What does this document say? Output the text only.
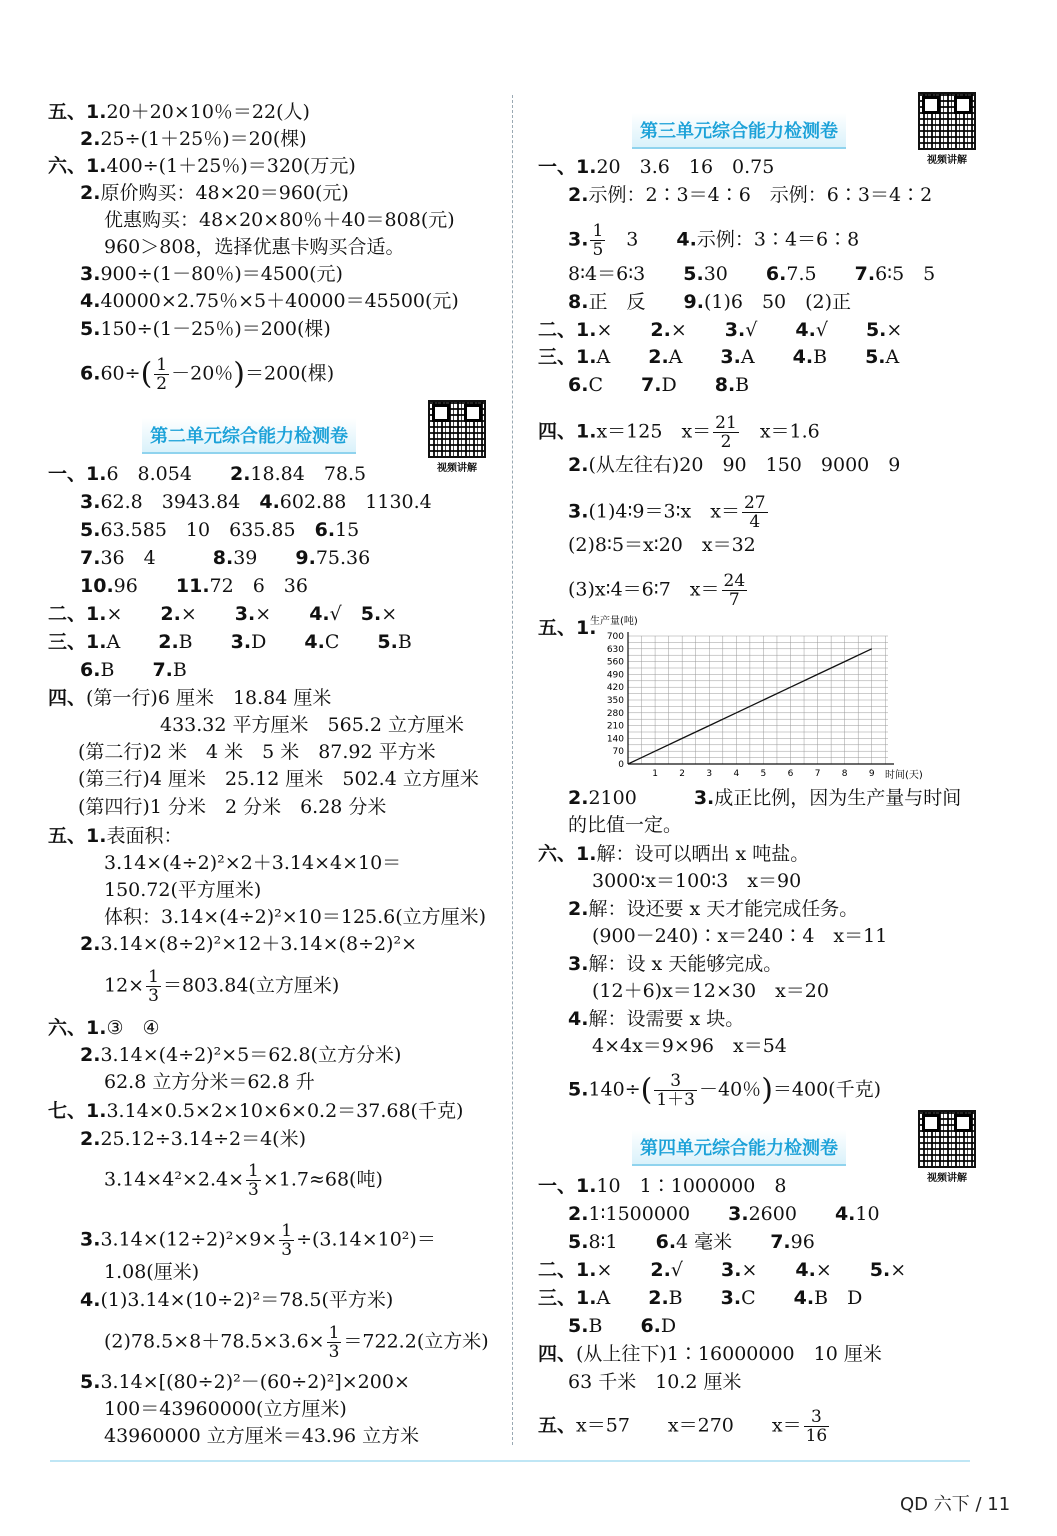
五、1.20＋20×10％＝22(人)
2.25÷(1＋25％)＝20(棵)
六、1.400÷(1＋25％)＝320(万元)
2.原价购买：48×20＝960(元)
优惠购买：48×20×80％＋40＝808(元)
960＞808，选择优惠卡购买合适。
3.900÷(1－80％)＝4500(元)
4.40000×2.75％×5＋40000＝45500(元)
5.150÷(1－25％)＝200(棵)
$6.60\div( \frac{1}{2} -20$％)＝200(棵)
第二单元综合能力检测卷
视频讲解
一、1.6　8.054　　 2.18.84　78.5
3.62.8　3943.84　 4.602.88　1130.4
5.63.585　10　635.85　 6.15
7.36　4　　　	8.39　　 9.75.36
10.96　　 11.72　6　36
二、1.×　　 2.×　　 3.×　　 4.√　 5.×
三、1.A　　 2.B　　 3.D　　 4.C　　 5.B
6.B　　 7.B
四、(第一行)6 厘米　18.84 厘米
433.32 平方厘米　565.2 立方厘米
(第二行)2 米　4 米　5 米　87.92 平方米
(第三行)4 厘米　25.12 厘米　502.4 立方厘米
(第四行)1 分米　2 分米　6.28 分米
五、1.表面积：
3.14×(4÷2)²×2＋3.14×4×10＝
150.72(平方厘米)
体积：3.14×(4÷2)²×10＝125.6(立方厘米)
2.3.14×(8÷2)²×12＋3.14×(8÷2)²×
$12\times \frac{1}{3} =803.84$(立方厘米)
六、1.③　④
2.3.14×(4÷2)²×5＝62.8(立方分米)
62.8 立方分米＝62.8 升
七、1.3.14×0.5×2×10×6×0.2＝37.68(千克)
2.25.12÷3.14÷2＝4(米)
$3.14\times 4^2\times 2.4\times \frac{1}{3} \times 1.7\approx 68$(吨)
$3.3.14\times(12\div 2)^2\times 9\times \frac{1}{3} \div(3.14\times 10^2)=$
1.08(厘米)
4.(1)3.14×(10÷2)²＝78.5(平方米)
$(2)78.5\times 8+78.5\times 3.6\times \frac{1}{3} =722.2$(立方米)
5.3.14×[(80÷2)²－(60÷2)²]×200×
100＝43960000(立方厘米)
43960000 立方厘米＝43.96 立方米
第三单元综合能力检测卷
视频讲解
一、1.20　3.6　16　0.75
2.示例：2∶3＝4∶6　示例：6∶3＝4∶2
3. $\frac{1}{5}$
　 3　　 4.示例：3∶4＝6∶8
8∶4＝6∶3　　 5.30　　 6.7.5　　 7.6∶5　5
8.正　反　　 9.(1)6　50　(2)正
二、1.×　　 2.×　　 3.√　　 4.√　　 5.×
三、1.A　　 2.A　　 3.A　　 4.B　　 5.A
6.C　　 7.D　　 8.B
四、1.x＝125　$x= \frac{21}{2}$
　 x＝1.6
2.(从左往右)20　90　150　9000　9
3.(1)4∶9＝3∶x　$x= \frac{27}{4}$
(2)8∶5＝x∶20　x＝32
(3)x∶4＝6∶7　$x= \frac{24}{7}$
五、1.
生产量(吨)
0
70
140
210
280
350
420
490
560
630
700
1 2 3 4 5 6 7 8 9 时间(天)
2.2100　　　	3.成正比例，因为生产量与时间
的比值一定。
六、1.解：设可以晒出 x 吨盐。
3000∶x＝100∶3　x＝90
2.解：设还要 x 天才能完成任务。
(900－240)∶x＝240∶4　x＝11
3.解：设 x 天能够完成。
(12＋6)x＝12×30　x＝20
4.解：设需要 x 块。
4×4x＝9×96　x＝54
$5.140\div( \frac{3}{1+3} -40$％)＝400(千克)
第四单元综合能力检测卷
视频讲解
一、1.10　1∶1000000　8
2.1∶1500000　　 3.2600　　 4.10
5.8∶1　　 6.4 毫米　　 7.96
二、1.×　　 2.√　　 3.×　　 4.×　　 5.×
三、1.A　　 2.B　　 3.C　　 4.B　D
5.B　　 6.D
四、(从上往下)1∶16000000　10 厘米
63 千米　10.2 厘米
五、x＝57　　x＝270　　$x= \frac{3}{16}$
QD 六下 / 11
